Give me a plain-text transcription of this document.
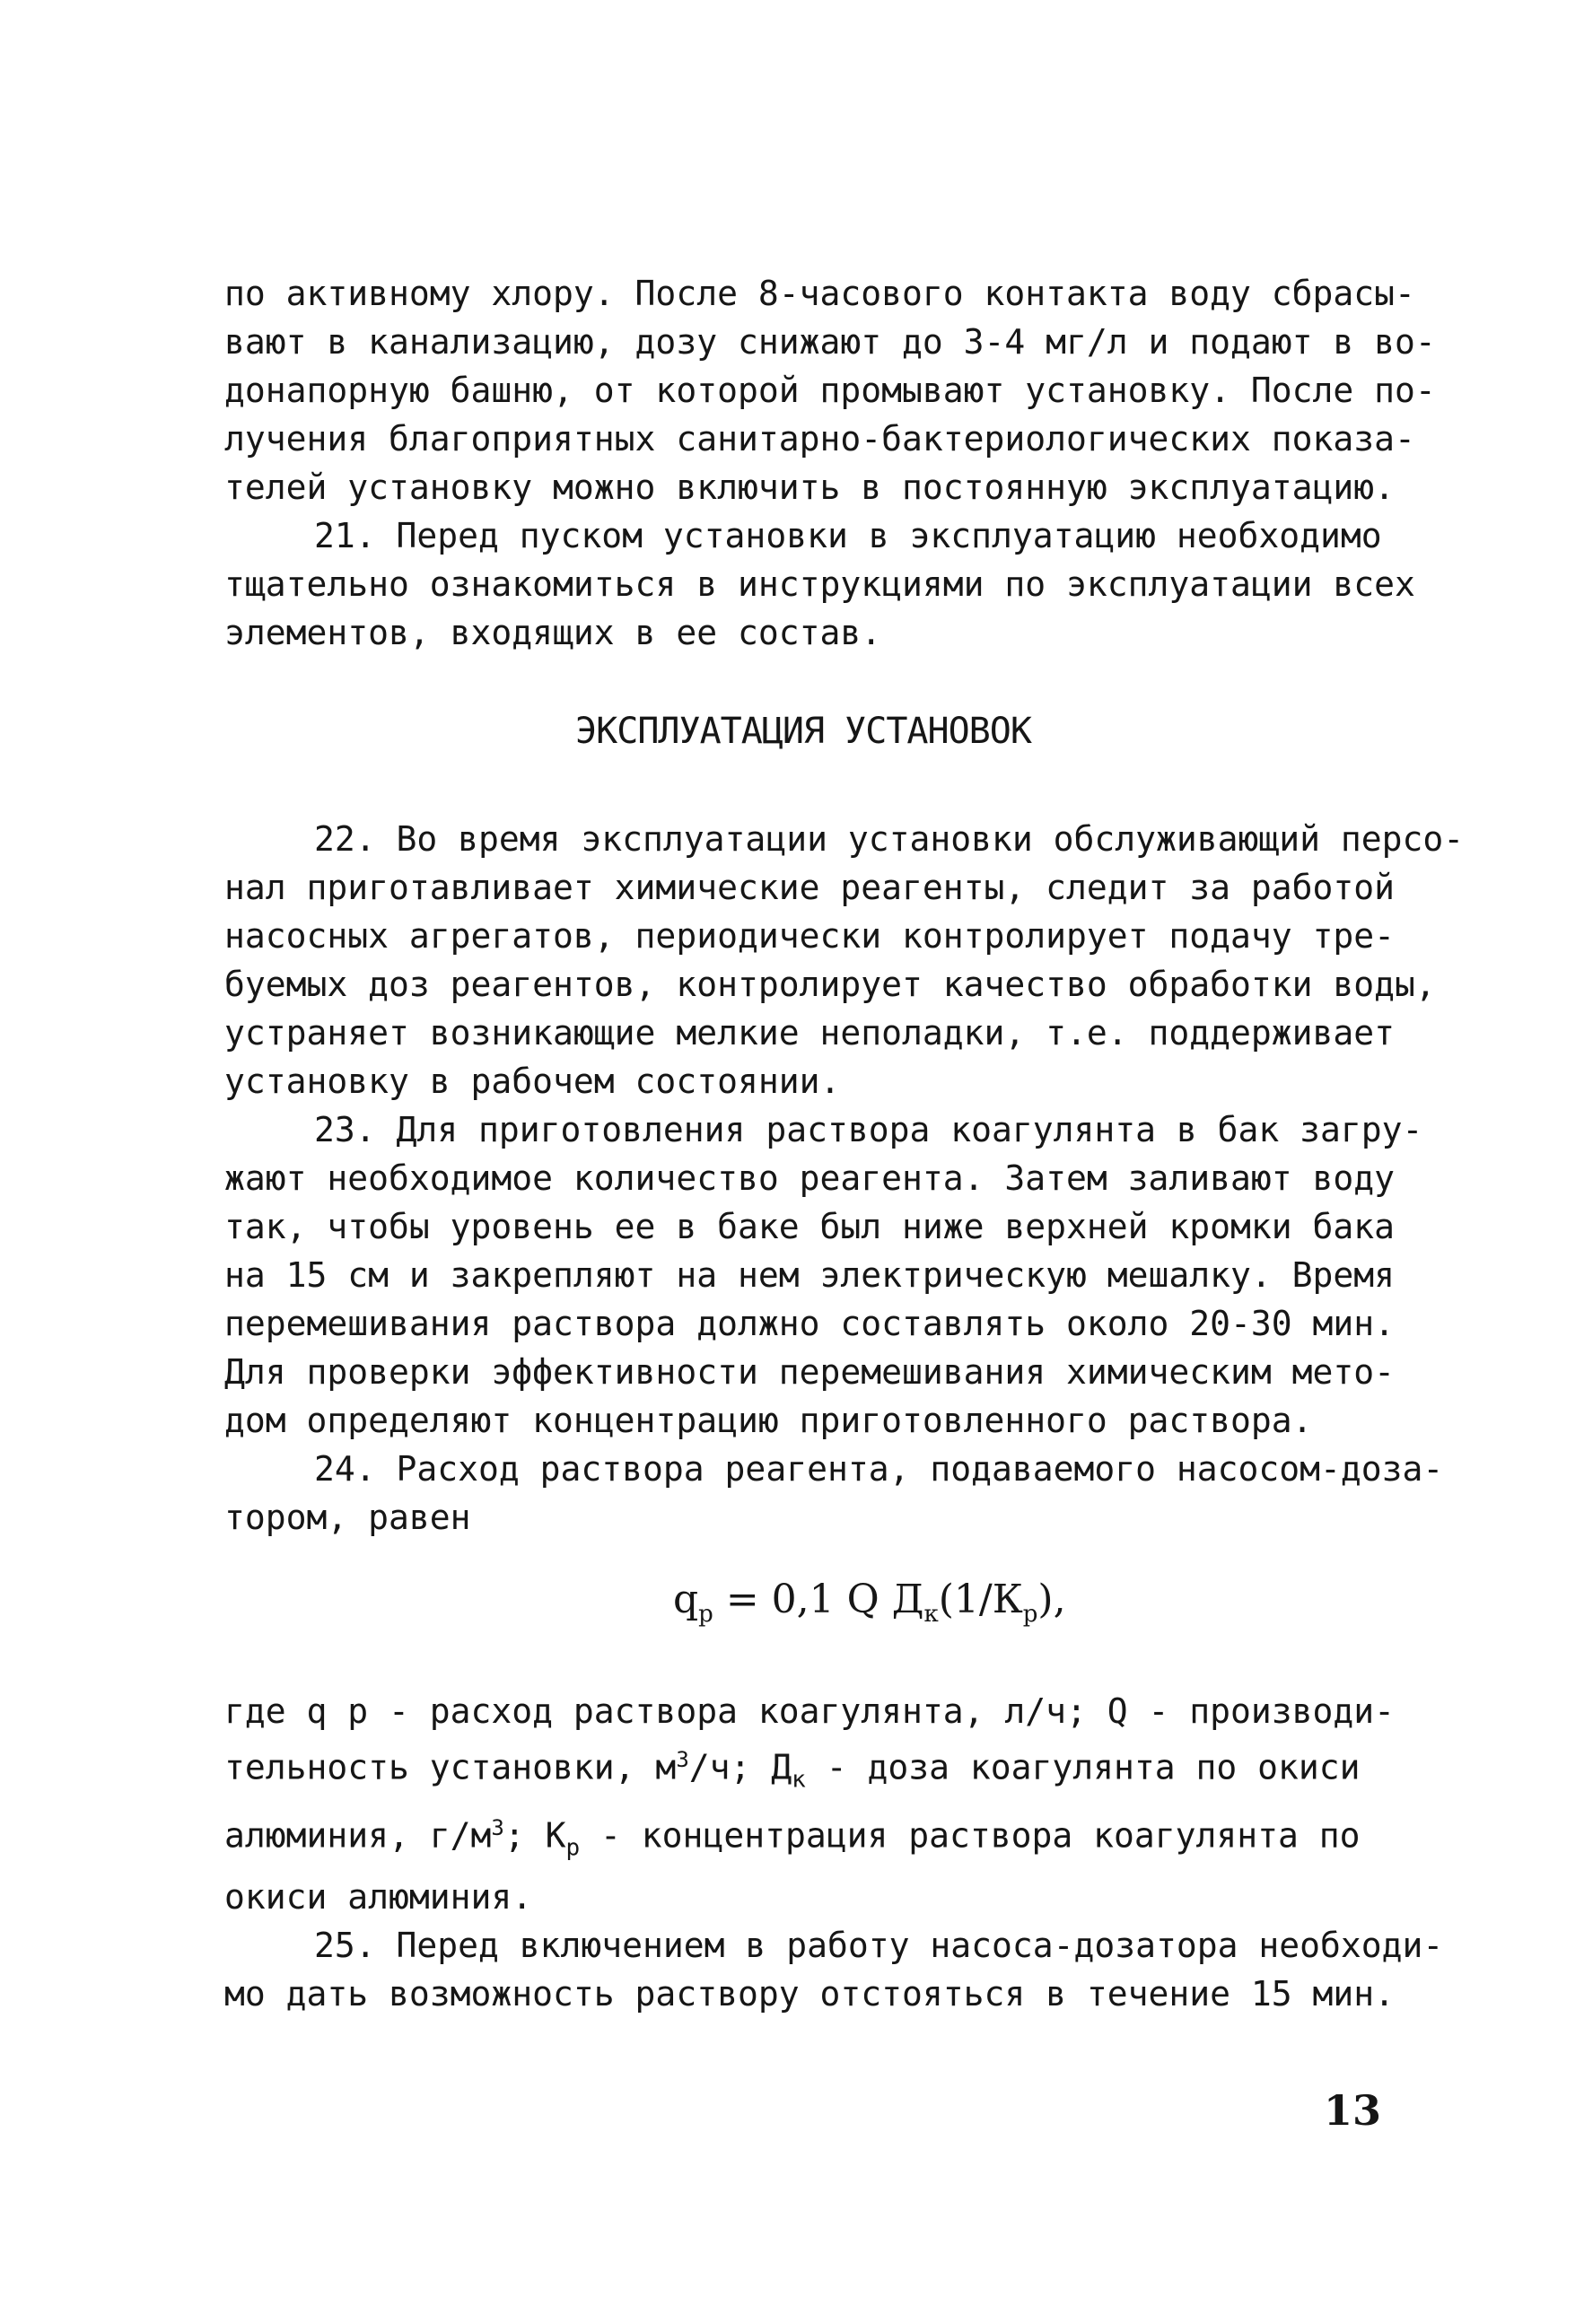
по активному хлору. После 8-часового контакта воду сбрасы-
вают в канализацию, дозу снижают до 3-4 мг/л и подают в во-
донапорную башню, от которой промывают установку. После по-
лучения благоприятных санитарно-бактериологических показа-
телей установку можно включить в постоянную эксплуатацию.
21. Перед пуском установки в эксплуатацию необходимо
тщательно ознакомиться в инструкциями по эксплуатации всех
элементов, входящих в ее состав.
ЭКСПЛУАТАЦИЯ УСТАНОВОК
22. Во время эксплуатации установки обслуживающий персо-
нал приготавливает химические реагенты, следит за работой
насосных агрегатов, периодически контролирует подачу тре-
буемых доз реагентов, контролирует качество обработки воды,
устраняет возникающие мелкие неполадки, т.е. поддерживает
установку в рабочем состоянии.
23. Для приготовления раствора коагулянта в бак загру-
жают необходимое количество реагента. Затем заливают воду
так, чтобы уровень ее в баке был ниже верхней кромки бака
на 15 см и закрепляют на нем электрическую мешалку. Время
перемешивания раствора должно составлять около 20-30 мин.
Для проверки эффективности перемешивания химическим мето-
дом определяют концентрацию приготовленного раствора.
24. Расход раствора реагента, подаваемого насосом-доза-
тором, равен
$q_р = 0,1$ Q $Д_к(1/К_р)$,
где q р - расход раствора коагулянта, л/ч; Q - производи-
тельность установки, $м^3/ч$; $Д_к$ - доза коагулянта по окиси
алюминия, $г/м^3$; $К_р$ - концентрация раствора коагулянта по
окиси алюминия.
25. Перед включением в работу насоса-дозатора необходи-
мо дать возможность раствору отстояться в течение 15 мин.
13
